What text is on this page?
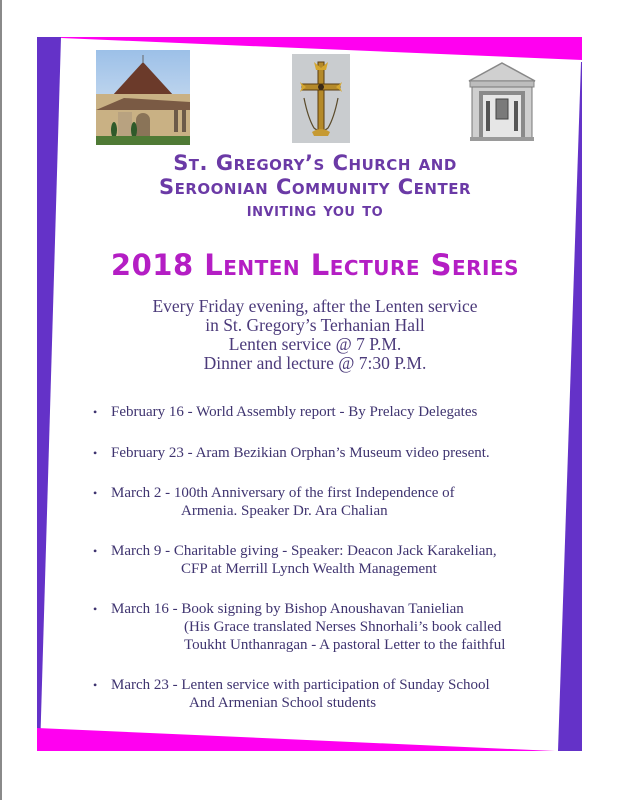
St. Gregory’s Church and
Seroonian Community Center
inviting you to
2018 Lenten Lecture Series
Every Friday evening, after the Lenten service
in St. Gregory’s Terhanian Hall
Lenten service @ 7 P.M.
Dinner and lecture @ 7:30 P.M.
• February 16 - World Assembly report - By Prelacy Delegates
• February 23 - Aram Bezikian Orphan’s Museum video present.
• March 2 - 100th Anniversary of the first Independence of
Armenia. Speaker Dr. Ara Chalian
• March 9 - Charitable giving - Speaker: Deacon Jack Karakelian,
CFP at Merrill Lynch Wealth Management
• March 16 - Book signing by Bishop Anoushavan Tanielian
(His Grace translated Nerses Shnorhali’s book called
Toukht Unthanragan - A pastoral Letter to the faithful
• March 23 - Lenten service with participation of Sunday School
And Armenian School students
